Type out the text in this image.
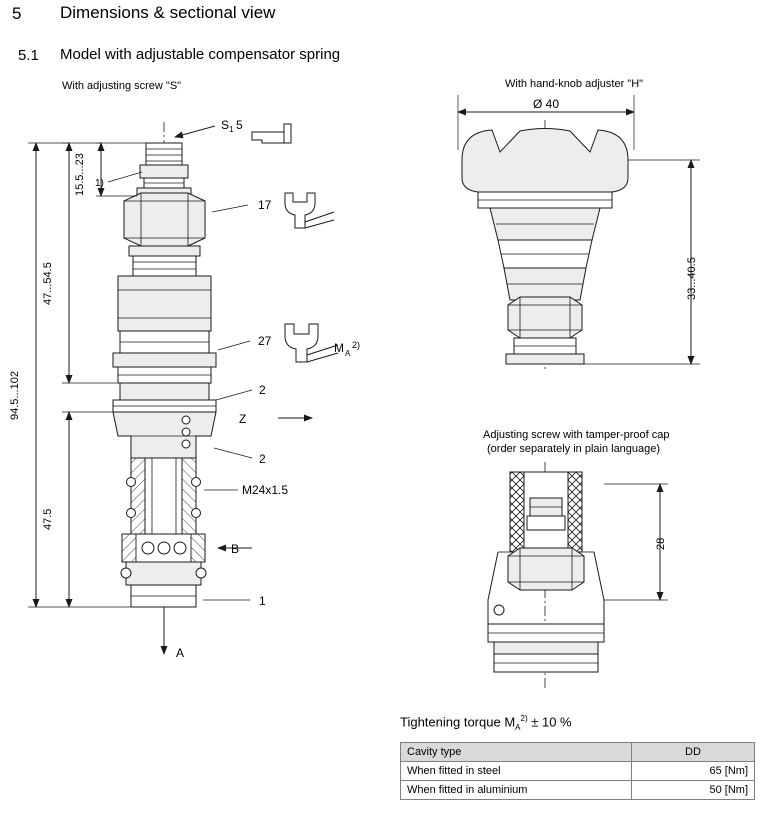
5 Dimensions & sectional view
5.1 Model with adjustable compensator spring
With adjusting screw "S"	With hand-knob adjuster "H"
Adjusting screw with tamper-proof cap
(order separately in plain language)
1)
S 1 5
17
27	M A
2)
2
2
Z
B
A
1
M24x1.5
Ø 40
15.5...23
47...54.5
94.5...102
47.5
33...40.5
28
Tightening torque $M_A^{2)} \pm 10$ %
Cavity type	DD
When fitted in steel	65 [Nm]
When fitted in aluminium	50 [Nm]
